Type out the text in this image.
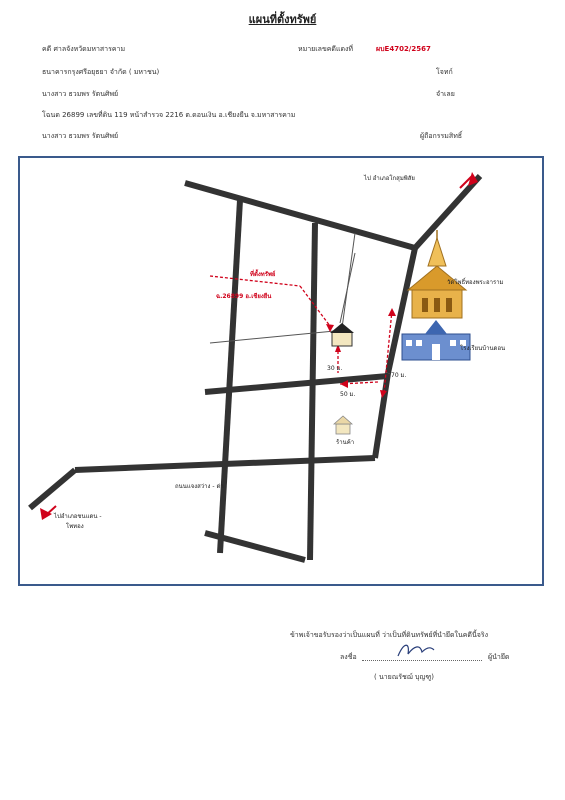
แผนที่ตั้งทรัพย์
คดี ศาลจังหวัดมหาสารคาม	หมายเลขคดีแดงที่	ผบE4702/2567
ธนาคารกรุงศรีอยุธยา จำกัด ( มหาชน)	โจทก์
นางสาว ธวมพร รัตนศิพย์	จำเลย
โฉนด 26899 เลขที่ดิน 119 หน้าสำรวจ 2216 ต.ดอนเงิน อ.เชียงยืน จ.มหาสารคาม
นางสาว ธวมพร รัตนศิพย์	ผู้ถือกรรมสิทธิ์
ไป อำเภอโกสุมพิสัย
ไปอำเภอชนแดน -
โพทอง
ถนนแจงสว่าง - ด่า
ที่ตั้งทรัพย์
ฉ.26899 อ.เชียงยืน
วัดโพธิ์ทองพระอาราม
โรงเรียนบ้านดอน
ร้านค้า
30 ม.
50 ม.
70 ม.
ข้าพเจ้าขอรับรองว่าเป็นแผนที่ ว่าเป็นที่ดินทรัพย์ที่นำยึดในคดีนี้จริง
ลงชื่อ	ผู้นำยึด
( นายณรัชฌ์ บุญฑู)
